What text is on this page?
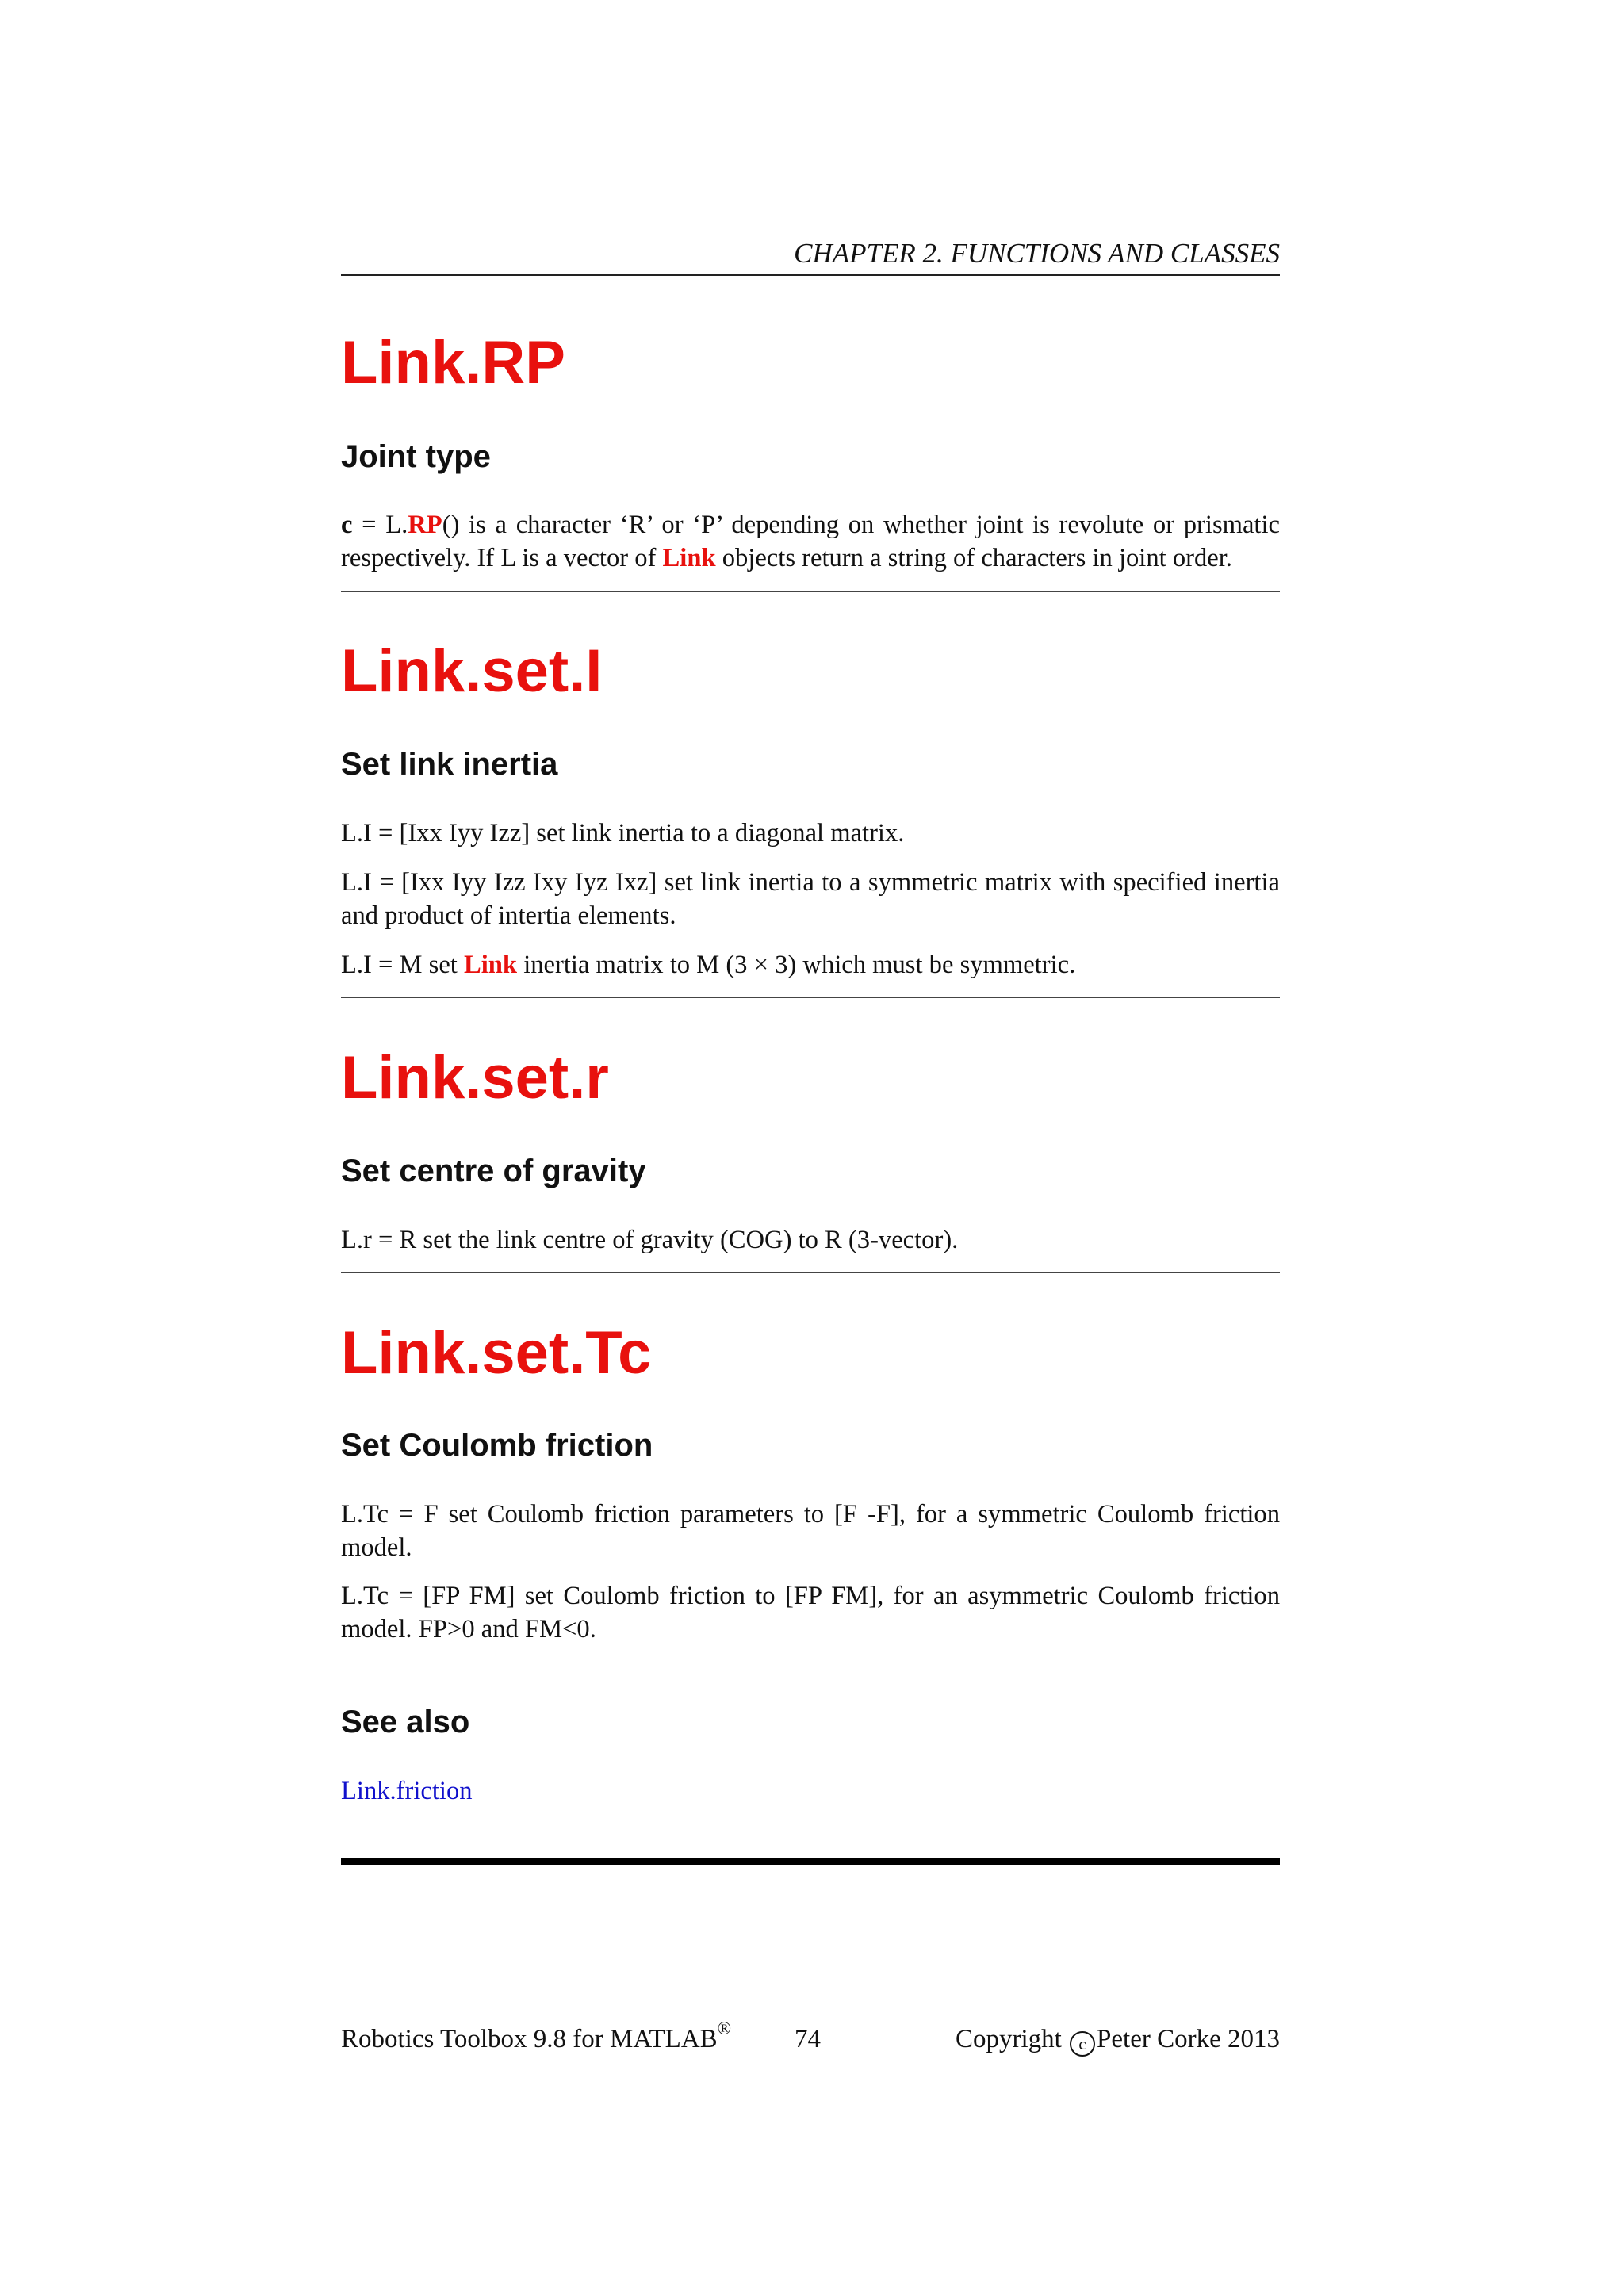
CHAPTER 2. FUNCTIONS AND CLASSES
Link.RP
Joint type

c = L.RP() is a character ‘R’ or ‘P’ depending on whether joint is revolute or prismatic respectively. If L is a vector of Link objects return a string of characters in joint order.

Link.set.I
Set link inertia

L.I = [Ixx Iyy Izz] set link inertia to a diagonal matrix.

L.I = [Ixx Iyy Izz Ixy Iyz Ixz] set link inertia to a symmetric matrix with specified inertia and product of intertia elements.

L.I = M set Link inertia matrix to M (3 × 3) which must be symmetric.

Link.set.r
Set centre of gravity

L.r = R set the link centre of gravity (COG) to R (3-vector).

Link.set.Tc
Set Coulomb friction

L.Tc = F set Coulomb friction parameters to [F -F], for a symmetric Coulomb friction model.

L.Tc = [FP FM] set Coulomb friction to [FP FM], for an asymmetric Coulomb friction model. FP>0 and FM<0.

See also

Link.friction

Robotics Toolbox 9.8 for MATLAB® 74	Copyright c Peter Corke 2013
